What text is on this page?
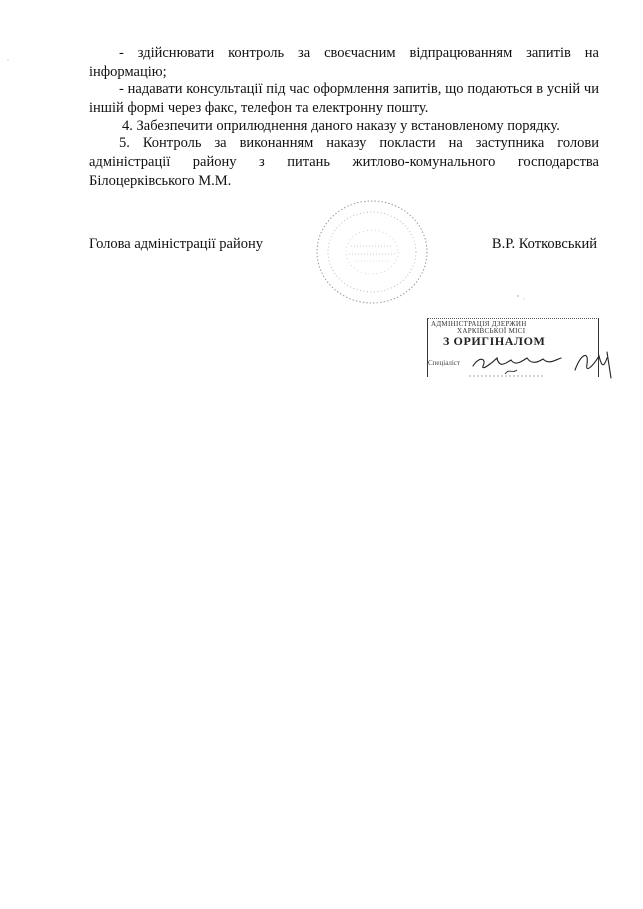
- здійснювати контроль за своєчасним відпрацюванням запитів на інформацію;

- надавати консультації під час оформлення запитів, що подаються в усній чи іншій формі через факс, телефон та електронну пошту.

4. Забезпечити оприлюднення даного наказу у встановленому порядку.

5. Контроль за виконанням наказу покласти на заступника голови адміністрації району з питань житлово-комунального господарства Білоцерківського М.М.

Голова адміністрації району	В.Р. Котковський
АДМІНІСТРАЦІЯ ДЗЕРЖИН
ХАРКІВСЬКОЇ МІСІ
З ОРИГІНАЛОМ
Спеціаліст
